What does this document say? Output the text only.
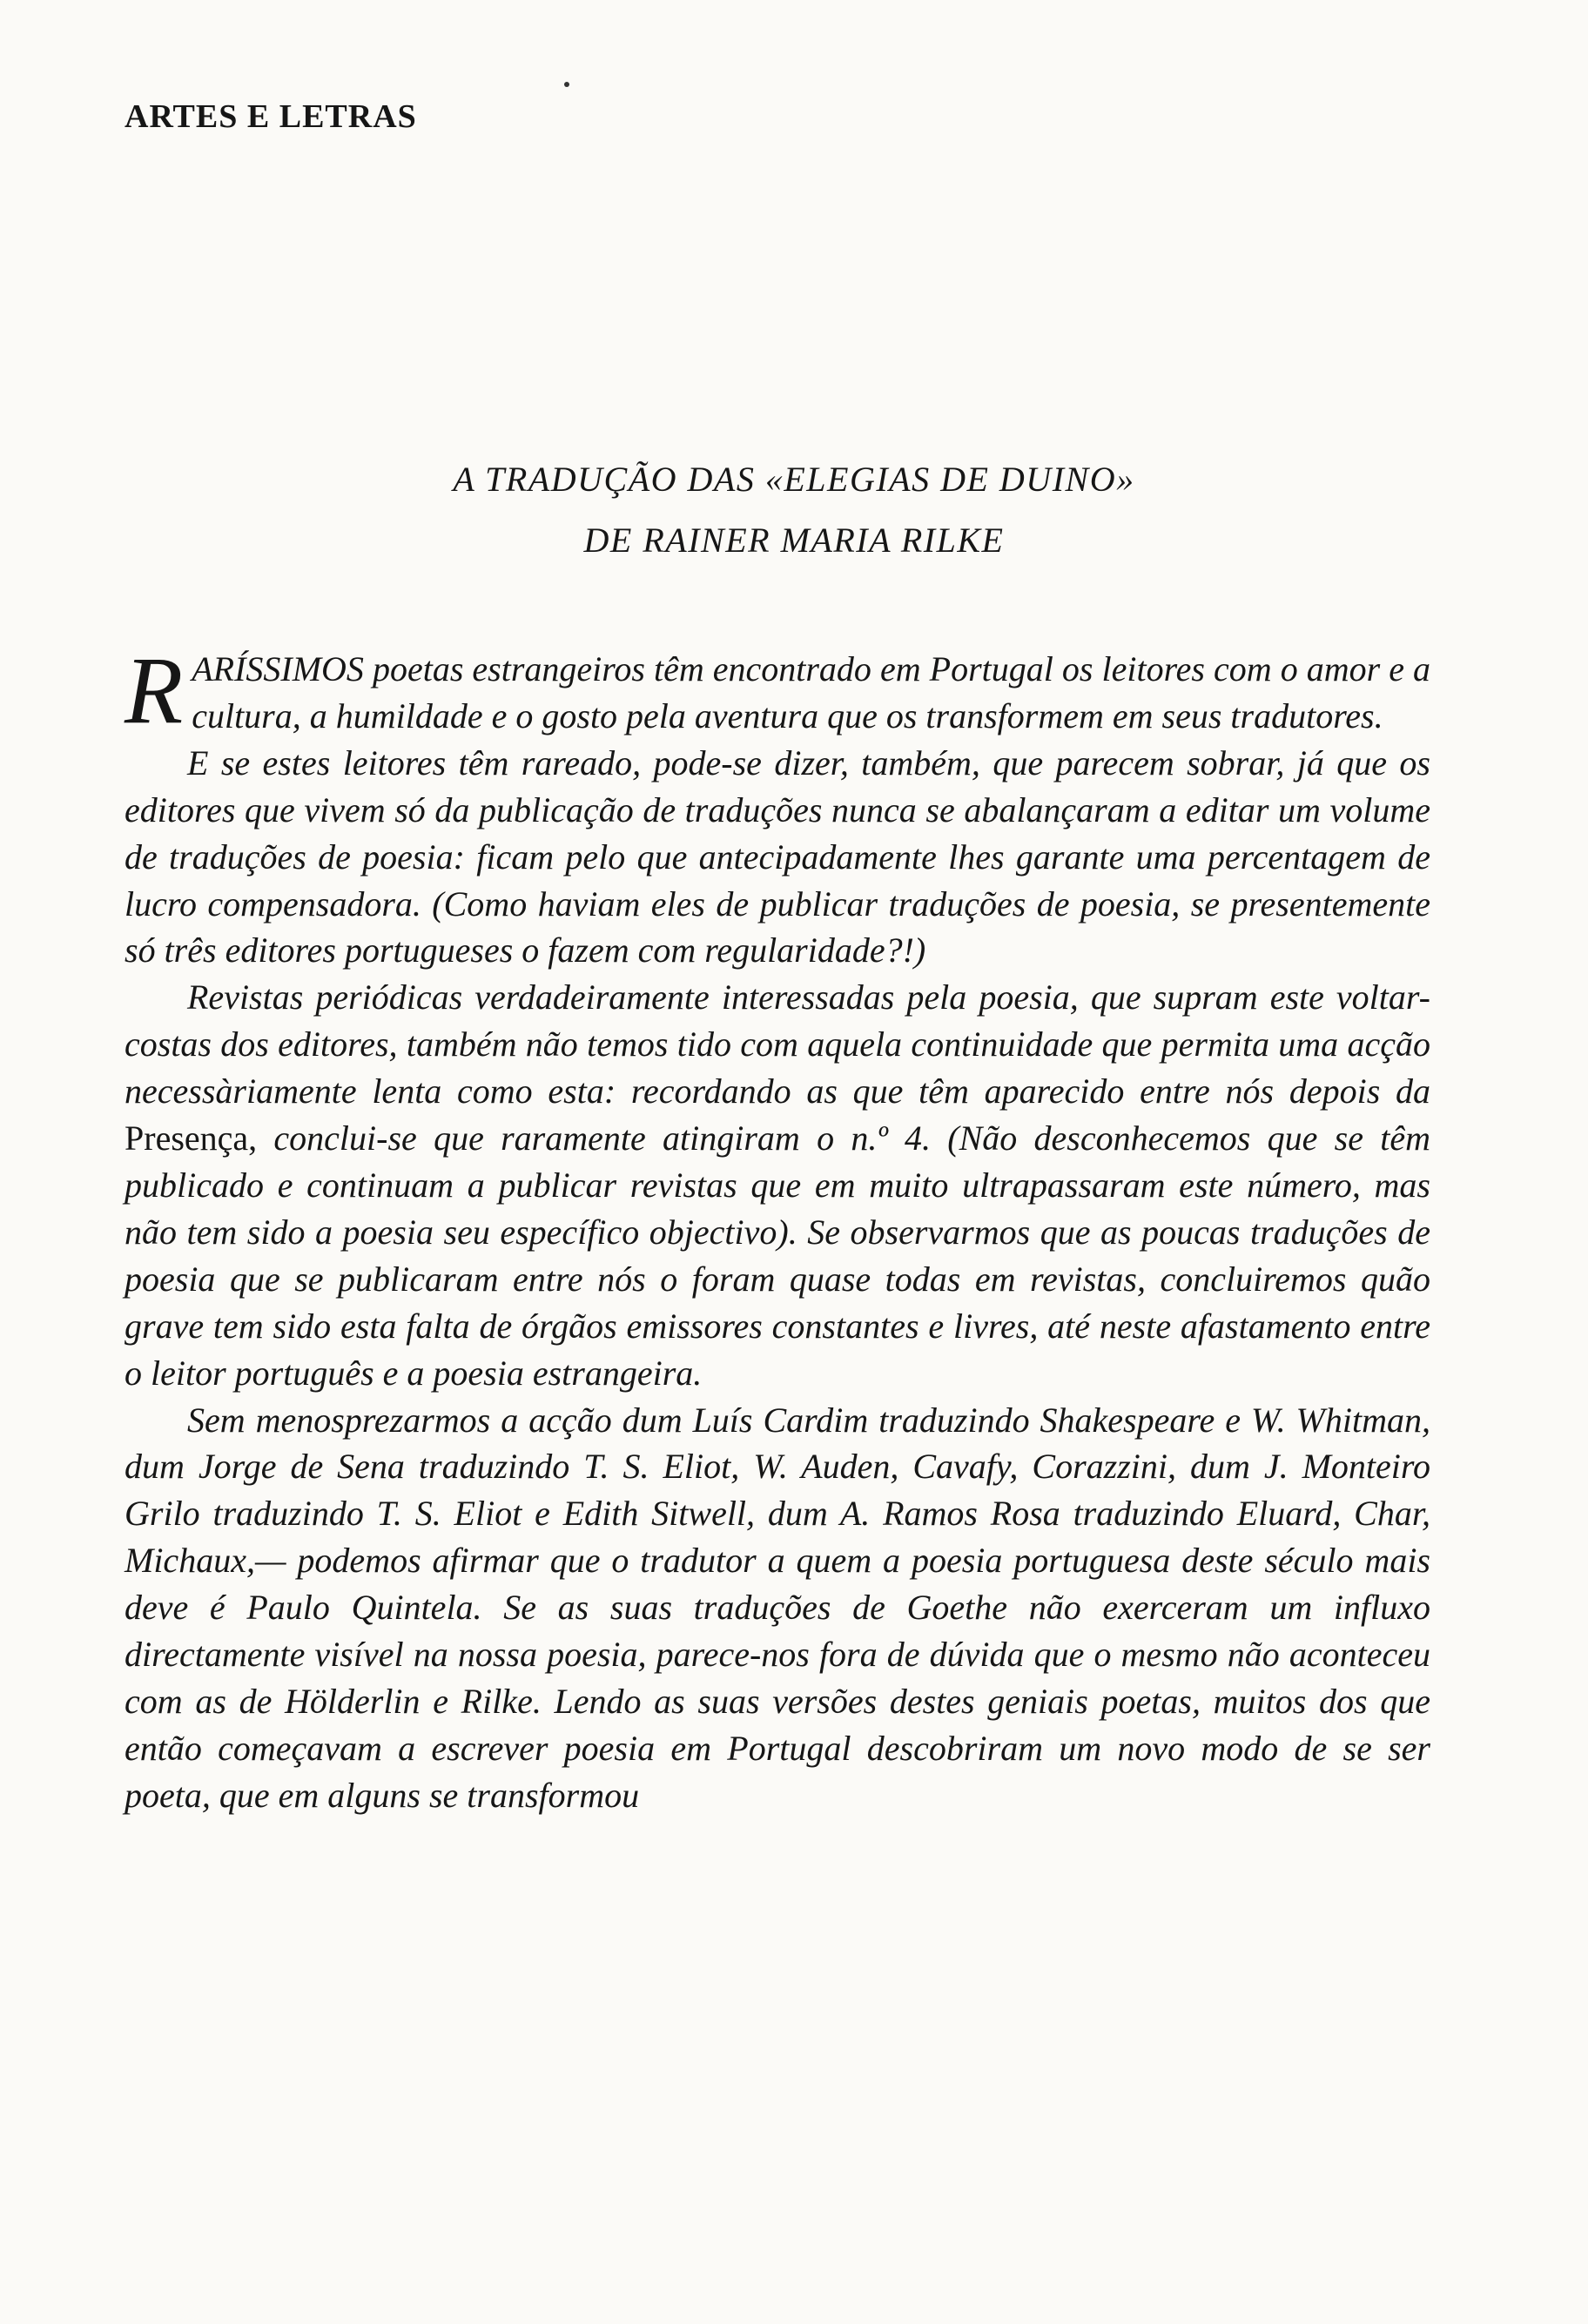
ARTES E LETRAS
A TRADUÇÃO DAS «ELEGIAS DE DUINO»
DE RAINER MARIA RILKE

RARÍSSIMOS poetas estrangeiros têm encontrado em Portugal os leitores com o amor e a cultura, a humildade e o gosto pela aventura que os transformem em seus tradutores.

E se estes leitores têm rareado, pode-se dizer, também, que parecem sobrar, já que os editores que vivem só da publicação de traduções nunca se abalançaram a editar um volume de traduções de poesia: ficam pelo que antecipadamente lhes garante uma percentagem de lucro compensadora. (Como haviam eles de publicar traduções de poesia, se presentemente só três editores portugueses o fazem com regularidade?!)

Revistas periódicas verdadeiramente interessadas pela poesia, que supram este voltar-costas dos editores, também não temos tido com aquela continuidade que permita uma acção necessàriamente lenta como esta: recordando as que têm aparecido entre nós depois da Presença, conclui-se que raramente atingiram o n.º 4. (Não desconhecemos que se têm publicado e continuam a publicar revistas que em muito ultrapassaram este número, mas não tem sido a poesia seu específico objectivo). Se observarmos que as poucas traduções de poesia que se publicaram entre nós o foram quase todas em revistas, concluiremos quão grave tem sido esta falta de órgãos emissores constantes e livres, até neste afastamento entre o leitor português e a poesia estrangeira.

Sem menosprezarmos a acção dum Luís Cardim traduzindo Shakespeare e W. Whitman, dum Jorge de Sena traduzindo T. S. Eliot, W. Auden, Cavafy, Corazzini, dum J. Monteiro Grilo traduzindo T. S. Eliot e Edith Sitwell, dum A. Ramos Rosa traduzindo Eluard, Char, Michaux,— podemos afirmar que o tradutor a quem a poesia portuguesa deste século mais deve é Paulo Quintela. Se as suas traduções de Goethe não exerceram um influxo directamente visível na nossa poesia, parece-nos fora de dúvida que o mesmo não aconteceu com as de Hölderlin e Rilke. Lendo as suas versões destes geniais poetas, muitos dos que então começavam a escrever poesia em Portugal descobriram um novo modo de se ser poeta, que em alguns se transformou
